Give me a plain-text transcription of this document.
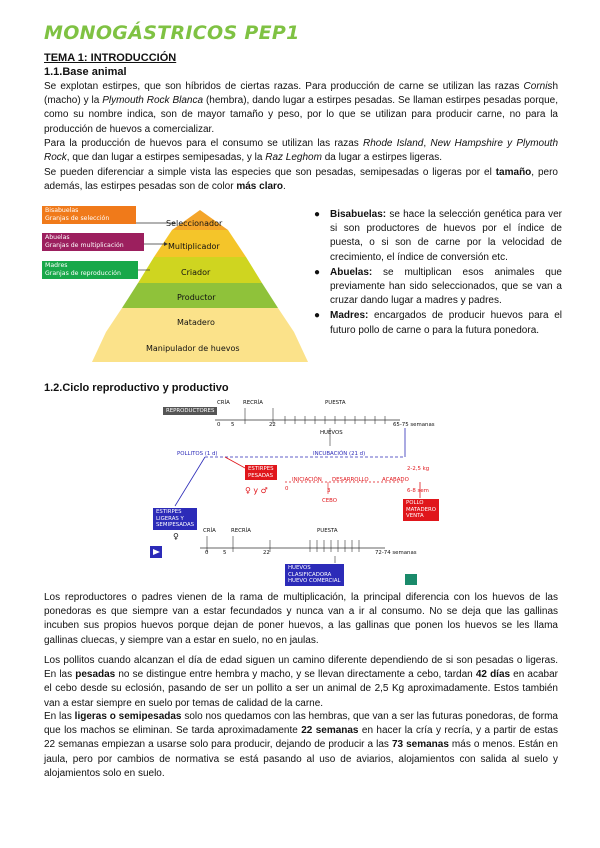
MONOGÁSTRICOS PEP1
TEMA 1: INTRODUCCIÓN
1.1.Base animal

Se explotan estirpes, que son híbridos de ciertas razas. Para producción de carne se utilizan las razas Cornish (macho) y la Plymouth Rock Blanca (hembra), dando lugar a estirpes pesadas. Se llaman estirpes pesadas porque, como su nombre indica, son de mayor tamaño y peso, por lo que se utilizan para producir carne, no para la producción de huevos a comercializar.

Para la producción de huevos para el consumo se utilizan las razas Rhode Island, New Hampshire y Plymouth Rock, que dan lugar a estirpes semipesadas, y la Raz Leghom da lugar a estirpes ligeras.

Se pueden diferenciar a simple vista las especies que son pesadas, semipesadas o ligeras por el tamaño, pero además, las estirpes pesadas son de color más claro.

Bisabuelas
Granjas de selección
Abuelas
Granjas de multiplicación
Madres
Granjas de reproducción
Seleccionador
Multiplicador
Criador
Productor
Matadero
Manipulador de huevos
● Bisabuelas: se hace la selección genética para ver si son productores de huevos por el índice de puesta, o si son de carne por la velocidad de crecimiento, el índice de conversión etc.
● Abuelas: se multiplican esos animales que previamente han sido seleccionados, que se van a cruzar dando lugar a madres y padres.
● Madres: encargados de producir huevos para el futuro pollo de carne o para la futura ponedora.
1.2.Ciclo reproductivo y productivo
REPRODUCTORES
CRÍA RECRÍA	PUESTA
0 5	22	65-75 semanas
HUEVOS
POLLITOS (1 d)	INCUBACIÓN (21 d)
ESTIRPES
PESADAS
♀ y ♂	0
INICIACIÓN DESARROLLO ACABADO
2-2,5 kg
3
CEBO
6-8 sem
POLLO
MATADERO
VENTA
ESTIRPES
LIGERAS Y
SEMIPESADAS
♀
CRÍA	RECRÍA	PUESTA
0	5	22	72-74 semanas
HUEVOS
CLASIFICADORA
HUEVO COMERCIAL

Los reproductores o padres vienen de la rama de multiplicación, la principal diferencia con los huevos de las ponedoras es que siempre van a estar fecundados y nunca van a ir al consumo. No se deja que las gallinas incuben sus propios huevos porque dejan de poner huevos, a las gallinas que ponen los huevos se les llama gallinas cluecas, y siempre van a estar en suelo, no en jaulas.

Los pollitos cuando alcanzan el día de edad siguen un camino diferente dependiendo de si son pesadas o ligeras. En las pesadas no se distingue entre hembra y macho, y se llevan directamente a cebo, tardan 42 días en acabar el cebo desde su eclosión, pasando de ser un pollito a ser un animal de 2,5 Kg aproximadamente. Estos también van a estar siempre en suelo por temas de calidad de la carne.

En las ligeras o semipesadas solo nos quedamos con las hembras, que van a ser las futuras ponedoras, de forma que los machos se eliminan. Se tarda aproximadamente 22 semanas en hacer la cría y recría, y a partir de estas 22 semanas empiezan a usarse solo para producir, dejando de producir a las 73 semanas más o menos. Están en jaula, pero por cambios de normativa se está pasando al uso de aviarios, alojamientos con salida al suelo y alojamientos solo en suelo.
